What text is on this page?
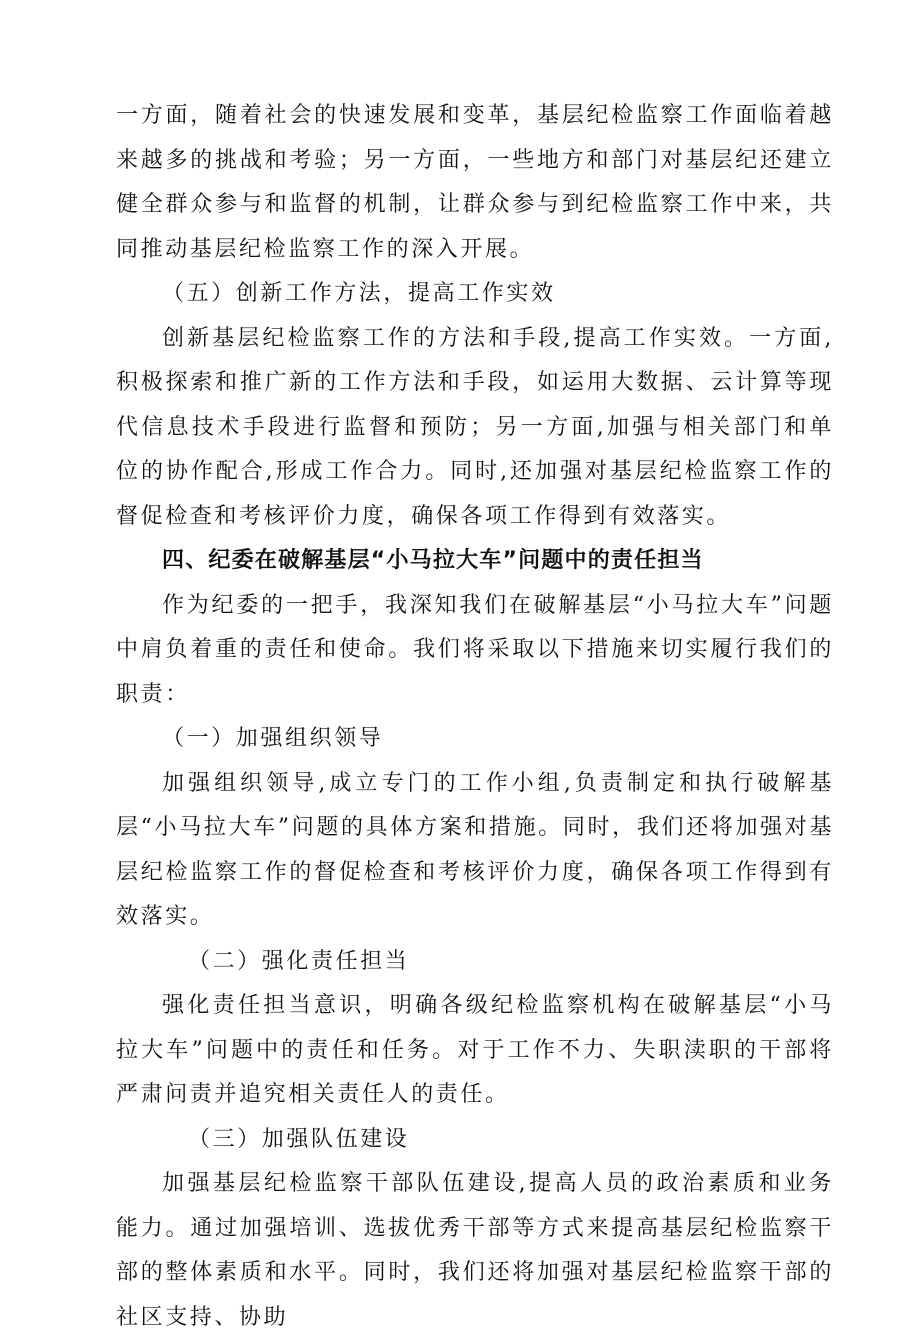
一方面，随着社会的快速发展和变革，基层纪检监察工作面临着越来越多的挑战和考验；另一方面，一些地方和部门对基层纪还建立健全群众参与和监督的机制，让群众参与到纪检监察工作中来，共同推动基层纪检监察工作的深入开展。

（五）创新工作方法，提高工作实效

创新基层纪检监察工作的方法和手段,提高工作实效。一方面,积极探索和推广新的工作方法和手段，如运用大数据、云计算等现代信息技术手段进行监督和预防；另一方面,加强与相关部门和单位的协作配合,形成工作合力。同时,还加强对基层纪检监察工作的督促检查和考核评价力度，确保各项工作得到有效落实。

四、纪委在破解基层“小马拉大车”问题中的责任担当

作为纪委的一把手，我深知我们在破解基层“小马拉大车”问题中肩负着重的责任和使命。我们将采取以下措施来切实履行我们的职责：

（一）加强组织领导

加强组织领导,成立专门的工作小组,负责制定和执行破解基层“小马拉大车”问题的具体方案和措施。同时，我们还将加强对基层纪检监察工作的督促检查和考核评价力度，确保各项工作得到有效落实。

（二）强化责任担当

强化责任担当意识，明确各级纪检监察机构在破解基层“小马拉大车”问题中的责任和任务。对于工作不力、失职渎职的干部将严肃问责并追究相关责任人的责任。

（三）加强队伍建设

加强基层纪检监察干部队伍建设,提高人员的政治素质和业务能力。通过加强培训、选拔优秀干部等方式来提高基层纪检监察干部的整体素质和水平。同时，我们还将加强对基层纪检监察干部的社区支持、协助
